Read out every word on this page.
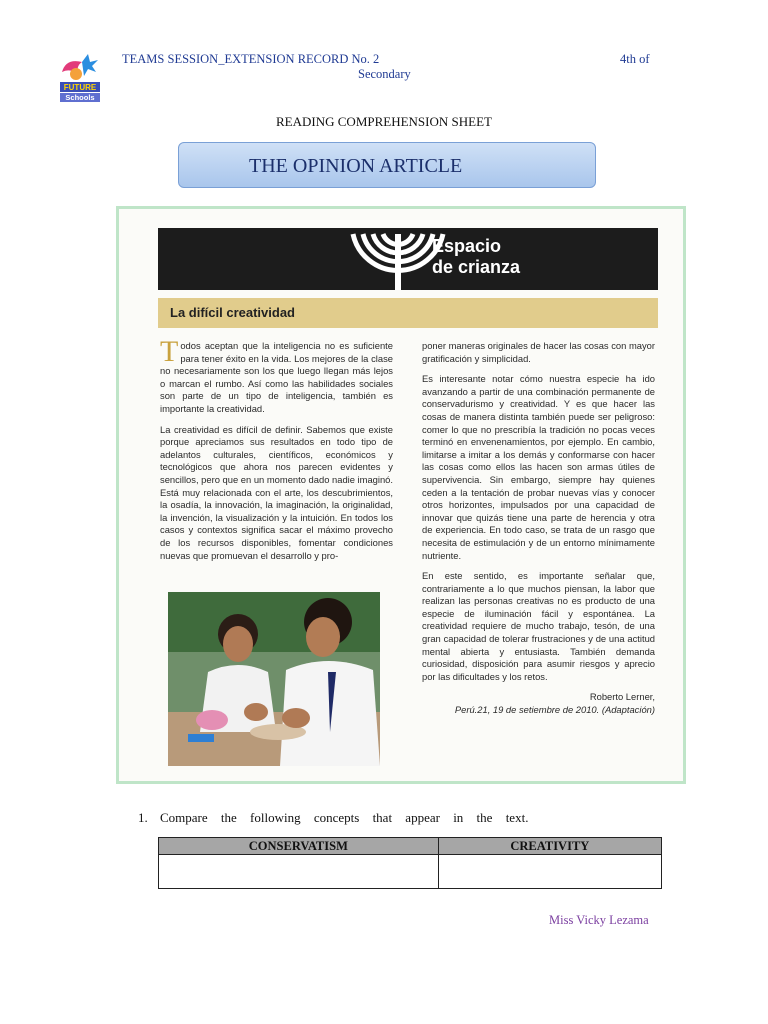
FUTURE
Schools
TEAMS SESSION_EXTENSION RECORD No. 2	4th of
Secondary
READING COMPREHENSION SHEET
THE OPINION ARTICLE
Espacio
de crianza
La difícil creatividad

Todos aceptan que la inteligencia no es suficiente para tener éxito en la vida. Los mejores de la clase no necesariamente son los que luego llegan más lejos o marcan el rumbo. Así como las habilidades sociales son parte de un tipo de inteligencia, también es importante la creatividad.

La creatividad es difícil de definir. Sabemos que existe porque apreciamos sus resultados en todo tipo de adelantos culturales, científicos, económicos y tecnológicos que ahora nos parecen evidentes y sencillos, pero que en un momento dado nadie imaginó. Está muy relacionada con el arte, los descubrimientos, la osadía, la innovación, la imaginación, la originalidad, la invención, la visualización y la intuición. En todos los casos y contextos significa sacar el máximo provecho de los recursos disponibles, fomentar condiciones nuevas que promuevan el desarrollo y pro-

poner maneras originales de hacer las cosas con mayor gratificación y simplicidad.

Es interesante notar cómo nuestra especie ha ido avanzando a partir de una combinación permanente de conservadurismo y creatividad. Y es que hacer las cosas de manera distinta también puede ser peligroso: comer lo que no prescribía la tradición no pocas veces terminó en envenenamientos, por ejemplo. En cambio, limitarse a imitar a los demás y conformarse con hacer las cosas como ellos las hacen son armas útiles de supervivencia. Sin embargo, siempre hay quienes ceden a la tentación de probar nuevas vías y conocer otros horizontes, impulsados por una capacidad de innovar que quizás tiene una parte de herencia y otra de experiencia. En todo caso, se trata de un rasgo que necesita de estimulación y de un entorno mínimamente nutriente.

En este sentido, es importante señalar que, contrariamente a lo que muchos piensan, la labor que realizan las personas creativas no es producto de una especie de iluminación fácil y espontánea. La creatividad requiere de mucho trabajo, tesón, de una gran capacidad de tolerar frustraciones y de una actitud mental abierta y entusiasta. También demanda curiosidad, disposición para asumir riesgos y aprecio por las dificultades y los retos.

Roberto Lerner,
Perú.21, 19 de setiembre de 2010. (Adaptación)
1. Compare the following concepts that appear in the text.
CONSERVATISM	CREATIVITY

Miss Vicky Lezama
